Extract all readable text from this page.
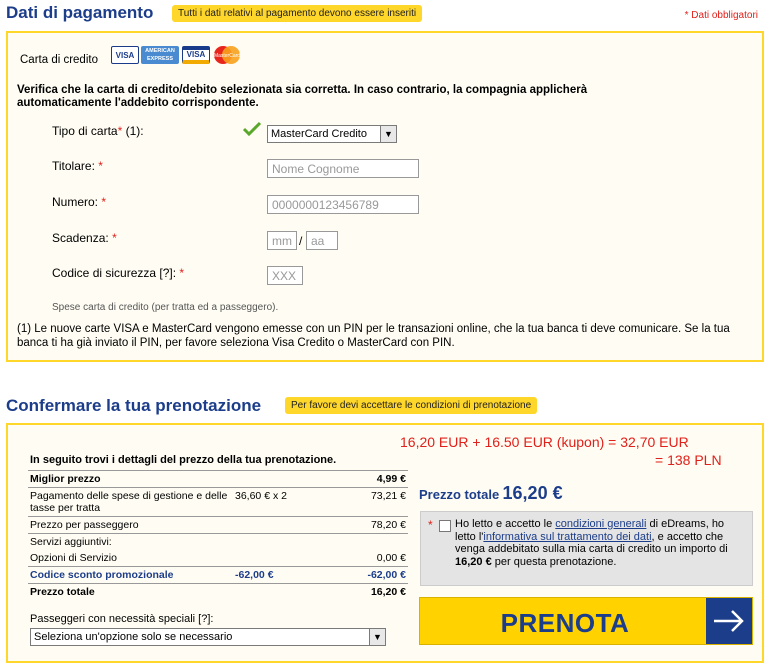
Dati di pagamento	Tutti i dati relativi al pagamento devono essere inseriti	* Dati obbligatori
Carta di credito	VISA	AMERICAN EXPRESS	VISA	MasterCard
Verifica che la carta di credito/debito selezionata sia corretta. In caso contrario, la compagnia applicherà automaticamente l'addebito corrispondente.
Tipo di carta* (1):	MasterCard Credito	▼
Titolare: *	Nome Cognome
Numero: *	0000000123456789
Scadenza: *	mm / aa
Codice di sicurezza [?]: *	XXX
Spese carta di credito (per tratta ed a passeggero).
(1) Le nuove carte VISA e MasterCard vengono emesse con un PIN per le transazioni online, che la tua banca ti deve comunicare. Se la tua banca ti ha già inviato il PIN, per favore seleziona Visa Credito o MasterCard con PIN.
Confermare la tua prenotazione	Per favore devi accettare le condizioni di prenotazione
In seguito trovi i dettagli del prezzo della tua prenotazione.
Miglior prezzo		4,99 €
Pagamento delle spese di gestione e delle tasse per tratta	36,60 € x 2	73,21 €
Prezzo per passeggero		78,20 €
Servizi aggiuntivi:		
Opzioni di Servizio		0,00 €
Codice sconto promozionale	-62,00 €	-62,00 €
Prezzo totale		16,20 €
Passeggeri con necessità speciali [?]:
Seleziona un'opzione solo se necessario	▼
16,20 EUR + 16.50 EUR (kupon) = 32,70 EUR
= 138 PLN
Prezzo totale 16,20 €
* Ho letto e accetto le condizioni generali di eDreams, ho letto l'informativa sul trattamento dei dati, e accetto che venga addebitato sulla mia carta di credito un importo di 16,20 € per questa prenotazione.
PRENOTA
